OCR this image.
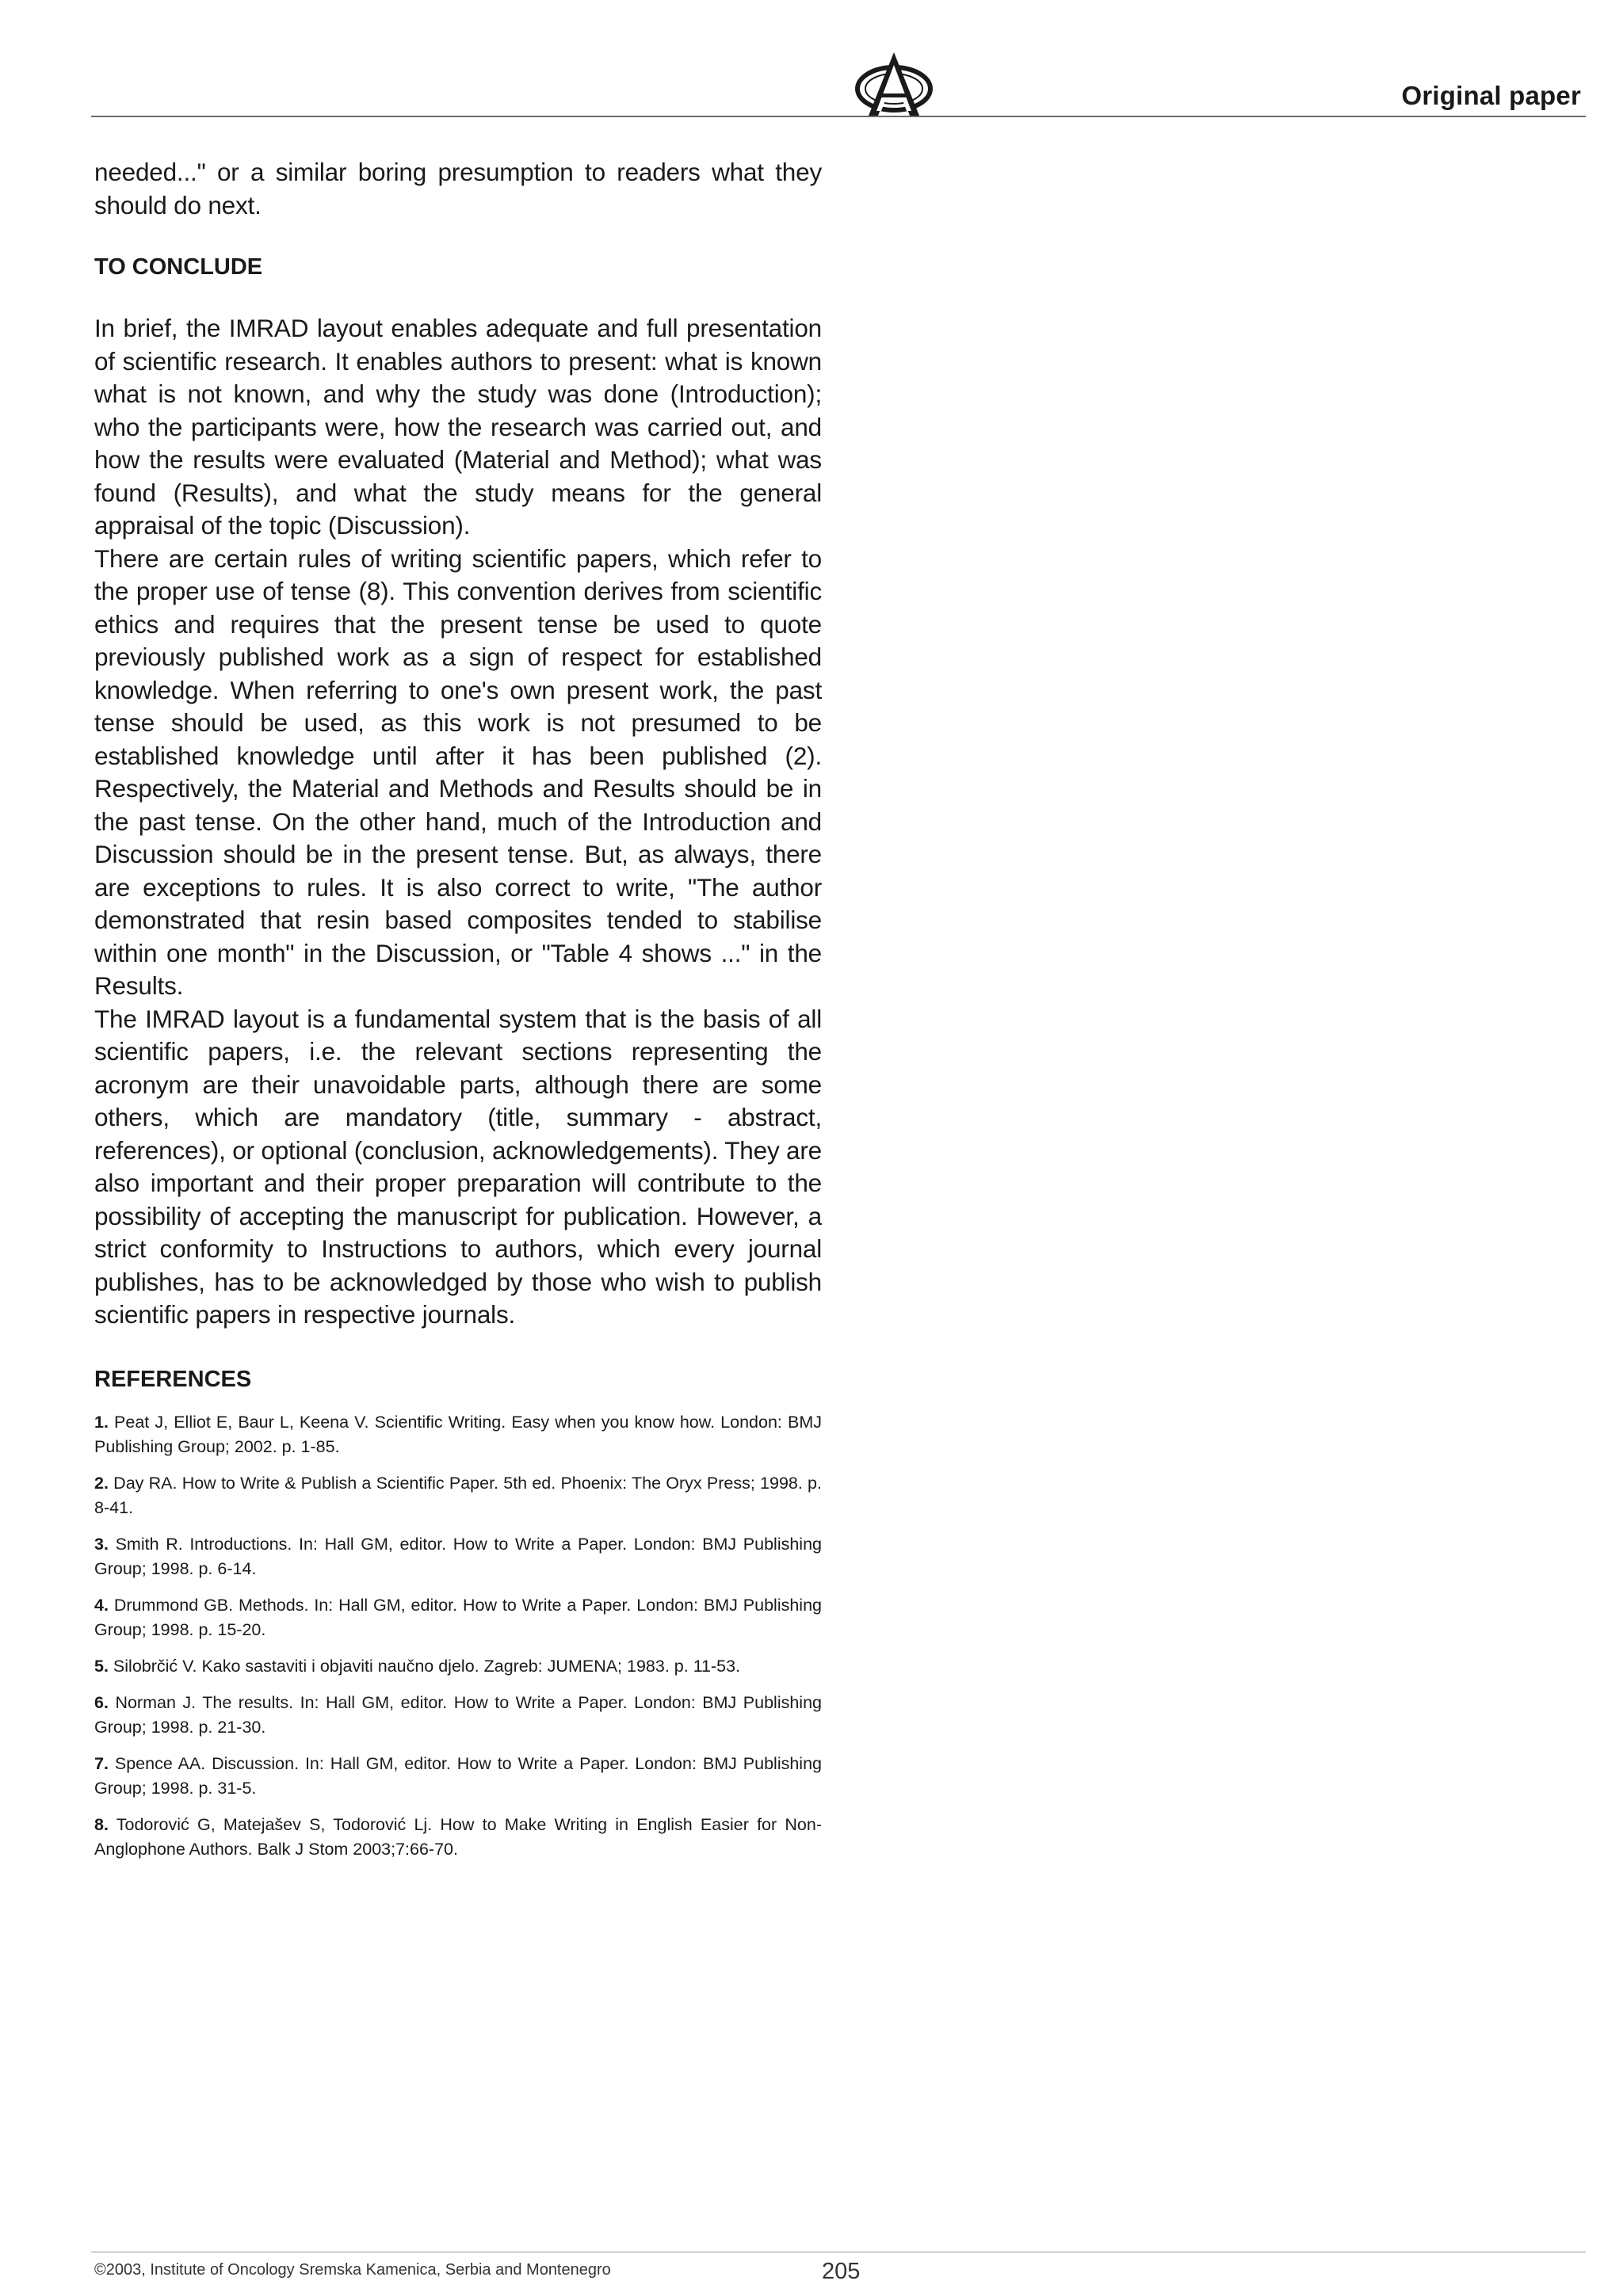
Original paper

needed..." or a similar boring presumption to readers what they should do next.

TO CONCLUDE

In brief, the IMRAD layout enables adequate and full presentation of scientific research. It enables authors to present: what is known what is not known, and why the study was done (Introduction); who the participants were, how the research was carried out, and how the results were evaluated (Material and Method); what was found (Results), and what the study means for the general appraisal of the topic (Discussion).

There are certain rules of writing scientific papers, which refer to the proper use of tense (8). This convention derives from scientific ethics and requires that the present tense be used to quote previously published work as a sign of respect for established knowledge. When referring to one's own present work, the past tense should be used, as this work is not presumed to be established knowledge until after it has been published (2). Respectively, the Material and Methods and Results should be in the past tense. On the other hand, much of the Introduction and Discussion should be in the present tense. But, as always, there are exceptions to rules. It is also correct to write, "The author demonstrated that resin based composites tended to stabilise within one month" in the Discussion, or "Table 4 shows ..." in the Results.

The IMRAD layout is a fundamental system that is the basis of all scientific papers, i.e. the relevant sections representing the acronym are their unavoidable parts, although there are some others, which are mandatory (title, summary - abstract, references), or optional (conclusion, acknowledgements). They are also important and their proper preparation will contribute to the possibility of accepting the manuscript for publication. However, a strict conformity to Instructions to authors, which every journal publishes, has to be acknowledged by those who wish to publish scientific papers in respective journals.

REFERENCES

1. Peat J, Elliot E, Baur L, Keena V. Scientific Writing. Easy when you know how. London: BMJ Publishing Group; 2002. p. 1-85.

2. Day RA. How to Write & Publish a Scientific Paper. 5th ed. Phoenix: The Oryx Press; 1998. p. 8-41.

3. Smith R. Introductions. In: Hall GM, editor. How to Write a Paper. London: BMJ Publishing Group; 1998. p. 6-14.

4. Drummond GB. Methods. In: Hall GM, editor. How to Write a Paper. London: BMJ Publishing Group; 1998. p. 15-20.

5. Silobrčić V. Kako sastaviti i objaviti naučno djelo. Zagreb: JUMENA; 1983. p. 11-53.

6. Norman J. The results. In: Hall GM, editor. How to Write a Paper. London: BMJ Publishing Group; 1998. p. 21-30.

7. Spence AA. Discussion. In: Hall GM, editor. How to Write a Paper. London: BMJ Publishing Group; 1998. p. 31-5.

8. Todorović G, Matejašev S, Todorović Lj. How to Make Writing in English Easier for Non-Anglophone Authors. Balk J Stom 2003;7:66-70.

©2003, Institute of Oncology Sremska Kamenica, Serbia and Montenegro	205
